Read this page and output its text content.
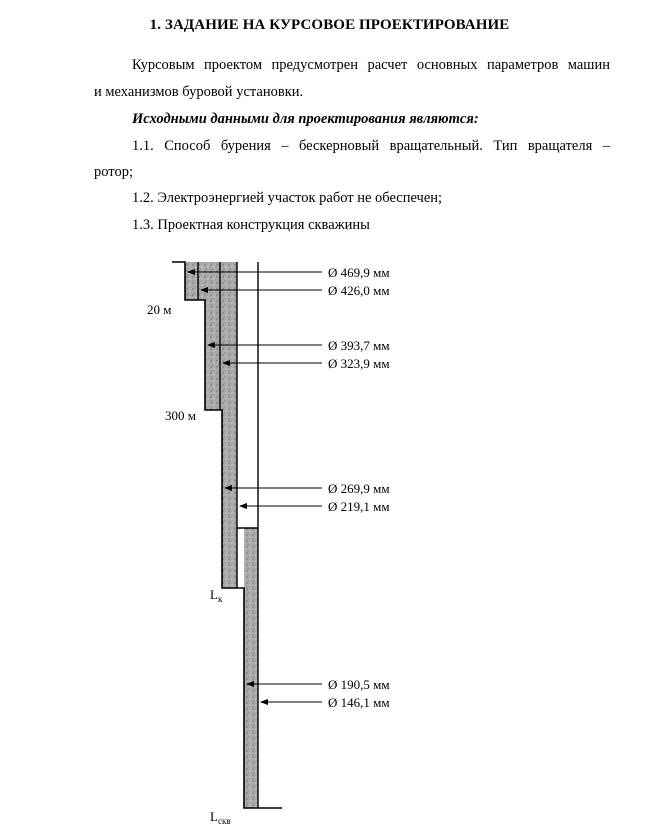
1. ЗАДАНИЕ НА КУРСОВОЕ ПРОЕКТИРОВАНИЕ
Курсовым проектом предусмотрен расчет основных параметров машин
и механизмов буровой установки.
Исходными данными для проектирования являются:
1.1. Способ бурения – бескерновый вращательный. Тип вращателя –
ротор;
1.2. Электроэнергией участок работ не обеспечен;
1.3. Проектная конструкция скважины
Ø 469,9 мм
Ø 426,0 мм
Ø 393,7 мм
Ø 323,9 мм
Ø 269,9 мм
Ø 219,1 мм
Ø 190,5 мм
Ø 146,1 мм
20 м
300 м
$L_к$
$L_{скв}$
